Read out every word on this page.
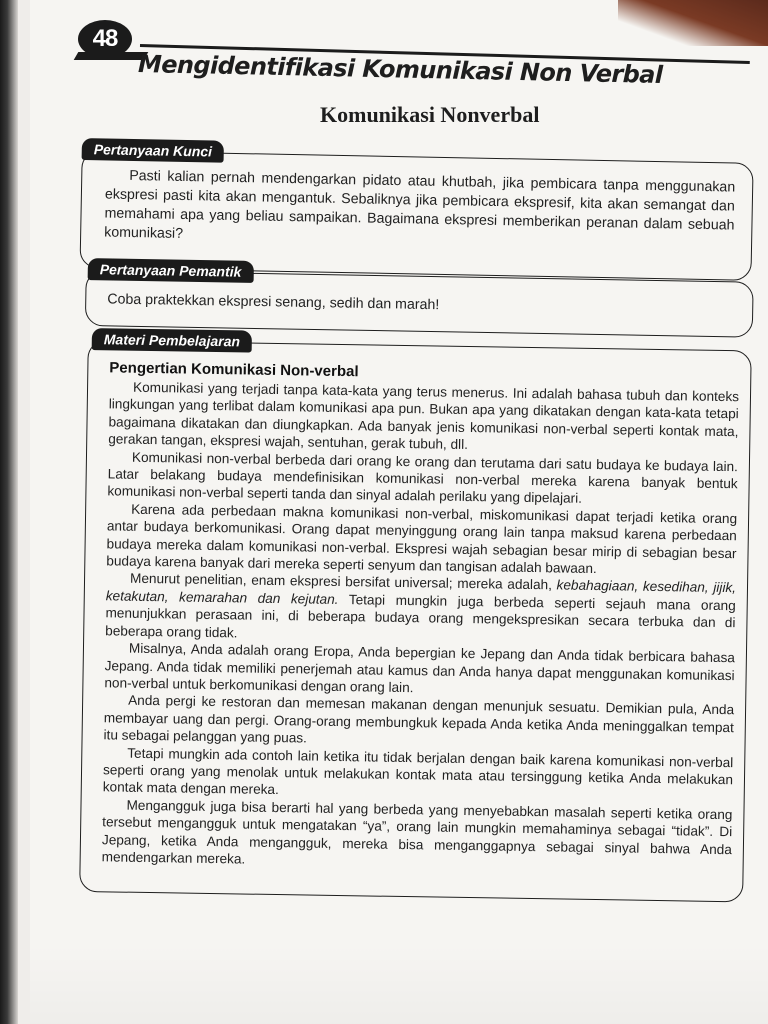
48
Mengidentifikasi Komunikasi Non Verbal
Komunikasi Nonverbal
Pertanyaan Kunci
Pasti kalian pernah mendengarkan pidato atau khutbah, jika pembicara tanpa menggunakan ekspresi pasti kita akan mengantuk. Sebaliknya jika pembicara ekspresif, kita akan semangat dan memahami apa yang beliau sampaikan. Bagaimana ekspresi memberikan peranan dalam sebuah komunikasi?
Pertanyaan Pemantik
Coba praktekkan ekspresi senang, sedih dan marah!
Materi Pembelajaran
Pengertian Komunikasi Non-verbal

Komunikasi yang terjadi tanpa kata-kata yang terus menerus. Ini adalah bahasa tubuh dan konteks lingkungan yang terlibat dalam komunikasi apa pun. Bukan apa yang dikatakan dengan kata-kata tetapi bagaimana dikatakan dan diungkapkan. Ada banyak jenis komunikasi non-verbal seperti kontak mata, gerakan tangan, ekspresi wajah, sentuhan, gerak tubuh, dll.

Komunikasi non-verbal berbeda dari orang ke orang dan terutama dari satu budaya ke budaya lain. Latar belakang budaya mendefinisikan komunikasi non-verbal mereka karena banyak bentuk komunikasi non-verbal seperti tanda dan sinyal adalah perilaku yang dipelajari.

Karena ada perbedaan makna komunikasi non-verbal, miskomunikasi dapat terjadi ketika orang antar budaya berkomunikasi. Orang dapat menyinggung orang lain tanpa maksud karena perbedaan budaya mereka dalam komunikasi non-verbal. Ekspresi wajah sebagian besar mirip di sebagian besar budaya karena banyak dari mereka seperti senyum dan tangisan adalah bawaan.

Menurut penelitian, enam ekspresi bersifat universal; mereka adalah, kebahagiaan, kesedihan, jijik, ketakutan, kemarahan dan kejutan. Tetapi mungkin juga berbeda seperti sejauh mana orang menunjukkan perasaan ini, di beberapa budaya orang mengekspresikan secara terbuka dan di beberapa orang tidak.

Misalnya, Anda adalah orang Eropa, Anda bepergian ke Jepang dan Anda tidak berbicara bahasa Jepang. Anda tidak memiliki penerjemah atau kamus dan Anda hanya dapat menggunakan komunikasi non-verbal untuk berkomunikasi dengan orang lain.

Anda pergi ke restoran dan memesan makanan dengan menunjuk sesuatu. Demikian pula, Anda membayar uang dan pergi. Orang-orang membungkuk kepada Anda ketika Anda meninggalkan tempat itu sebagai pelanggan yang puas.

Tetapi mungkin ada contoh lain ketika itu tidak berjalan dengan baik karena komunikasi non-verbal seperti orang yang menolak untuk melakukan kontak mata atau tersinggung ketika Anda melakukan kontak mata dengan mereka.

Mengangguk juga bisa berarti hal yang berbeda yang menyebabkan masalah seperti ketika orang tersebut mengangguk untuk mengatakan “ya”, orang lain mungkin memahaminya sebagai “tidak”. Di Jepang, ketika Anda mengangguk, mereka bisa menganggapnya sebagai sinyal bahwa Anda mendengarkan mereka.
